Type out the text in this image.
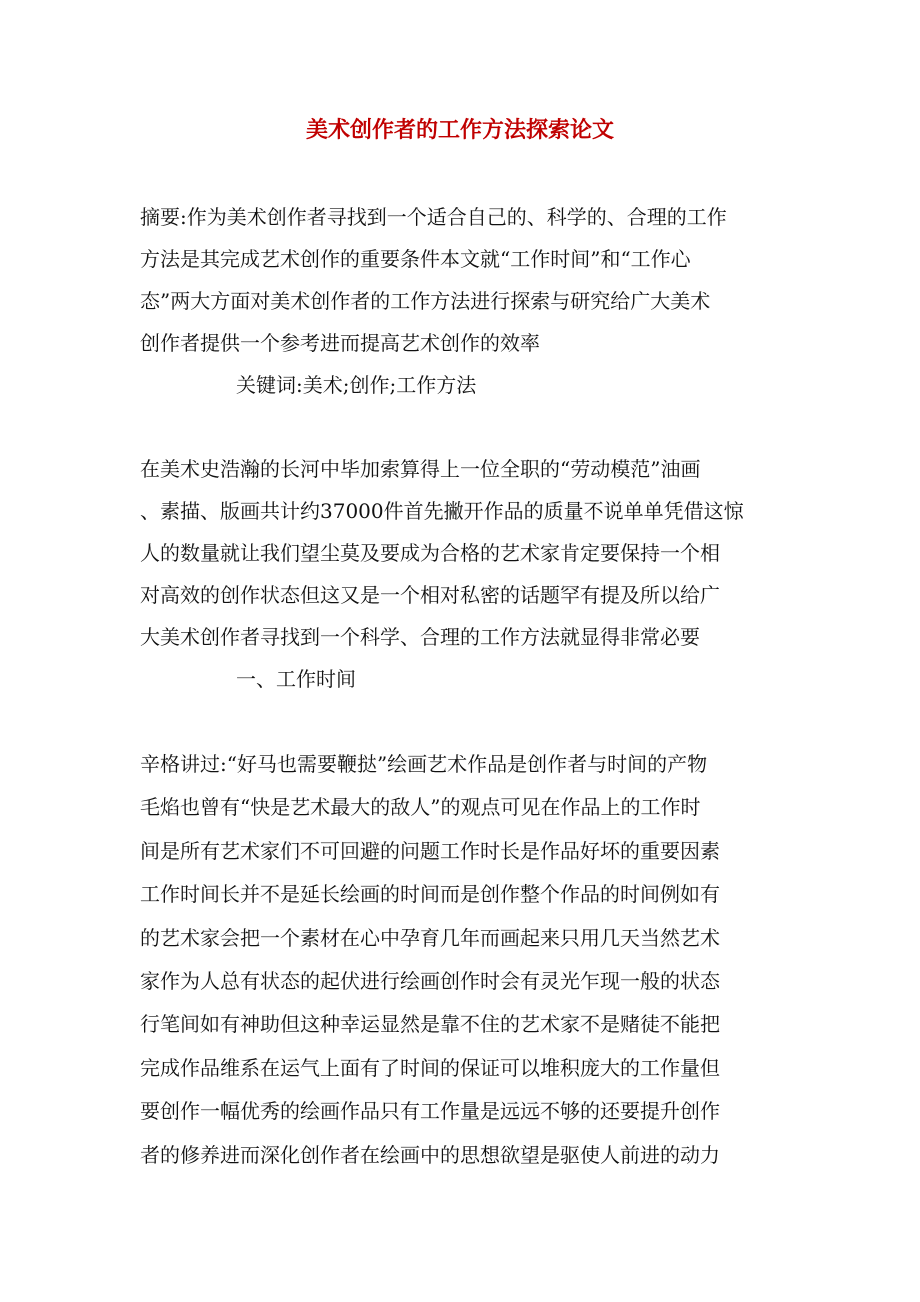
美术创作者的工作方法探索论文
摘要:作为美术创作者寻找到一个适合自己的、科学的、合理的工作
方法是其完成艺术创作的重要条件本文就“工作时间”和“工作心
态”两大方面对美术创作者的工作方法进行探索与研究给广大美术
创作者提供一个参考进而提高艺术创作的效率
关键词:美术;创作;工作方法
在美术史浩瀚的长河中毕加索算得上一位全职的“劳动模范”油画
、素描、版画共计约37000件首先撇开作品的质量不说单单凭借这惊
人的数量就让我们望尘莫及要成为合格的艺术家肯定要保持一个相
对高效的创作状态但这又是一个相对私密的话题罕有提及所以给广
大美术创作者寻找到一个科学、合理的工作方法就显得非常必要
一、工作时间
辛格讲过:“好马也需要鞭挞”绘画艺术作品是创作者与时间的产物
毛焰也曾有“快是艺术最大的敌人”的观点可见在作品上的工作时
间是所有艺术家们不可回避的问题工作时长是作品好坏的重要因素
工作时间长并不是延长绘画的时间而是创作整个作品的时间例如有
的艺术家会把一个素材在心中孕育几年而画起来只用几天当然艺术
家作为人总有状态的起伏进行绘画创作时会有灵光乍现一般的状态
行笔间如有神助但这种幸运显然是靠不住的艺术家不是赌徒不能把
完成作品维系在运气上面有了时间的保证可以堆积庞大的工作量但
要创作一幅优秀的绘画作品只有工作量是远远不够的还要提升创作
者的修养进而深化创作者在绘画中的思想欲望是驱使人前进的动力
